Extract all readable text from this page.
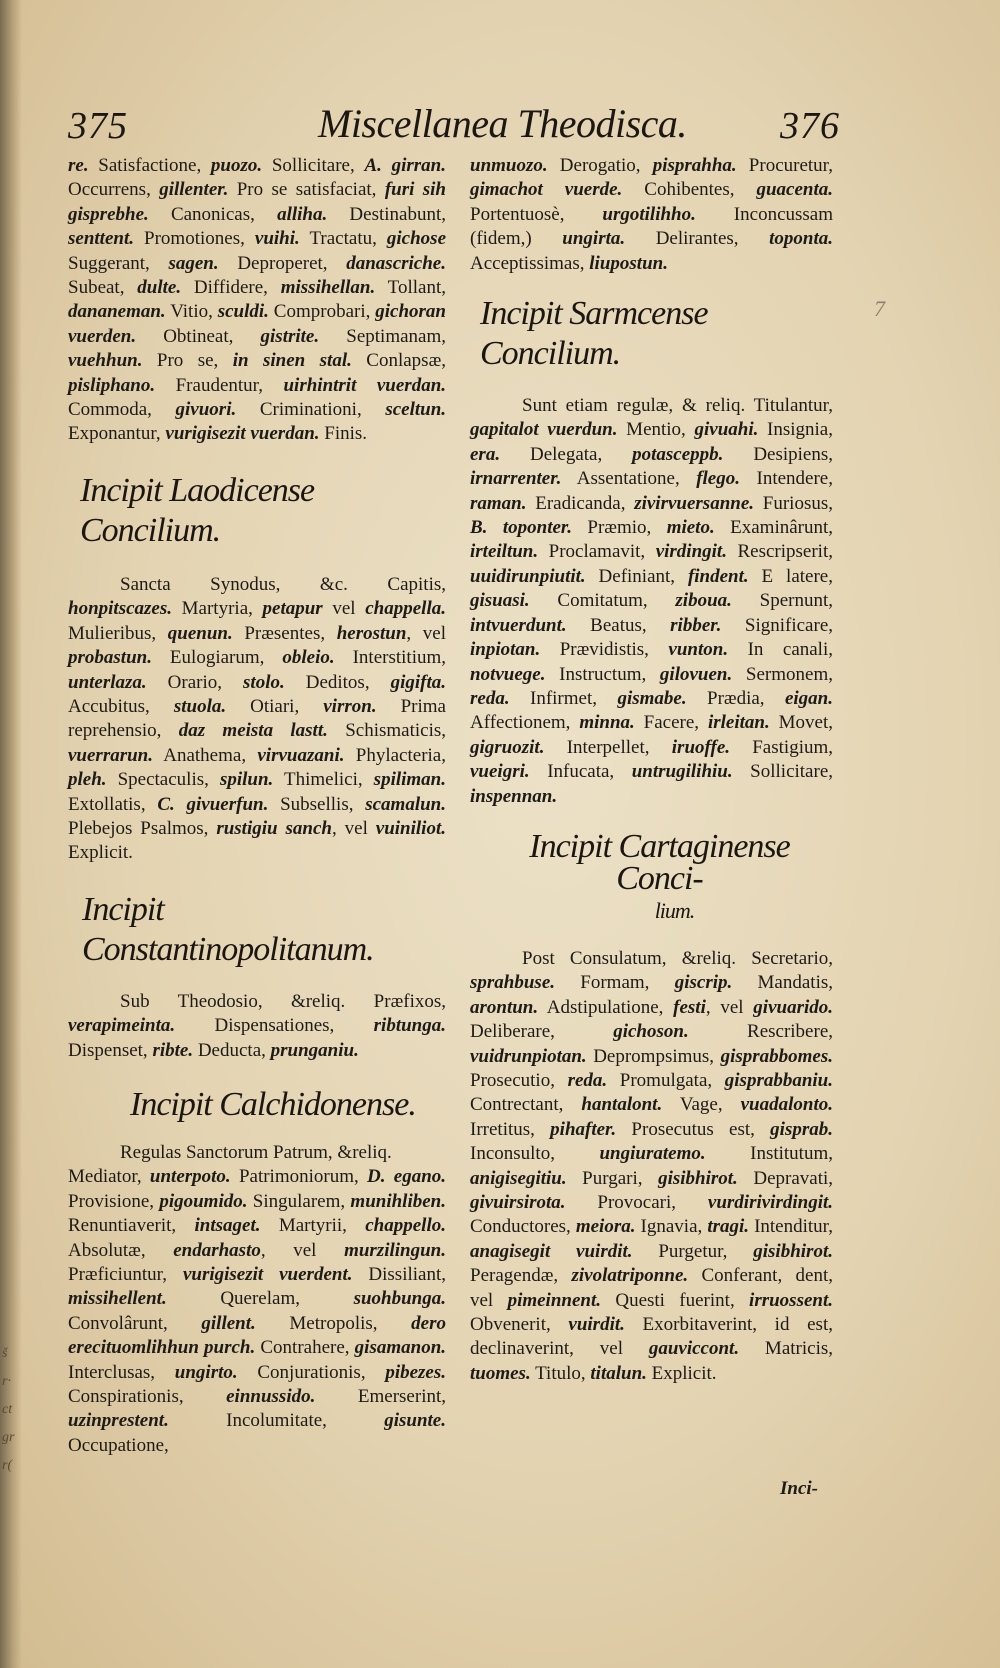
š
r·
ct
gr
r(
375	Miscellanea Theodisca. 376

re. Satisfactione, puozo. Sollicitare, A. girran. Occurrens, gillenter. Pro se satisfaciat, furi sih gisprebhe. Canonicas, alliha. Destinabunt, senttent. Promotiones, vuihi. Tractatu, gichose Suggerant, sagen. Deproperet, danascriche. Subeat, dulte. Diffidere, missihellan. Tollant, dananeman. Vitio, sculdi. Comprobari, gichoran vuerden. Obtineat, gistrite. Septimanam, vuehhun. Pro se, in sinen stal. Conlapsæ, pisliphano. Fraudentur, uirhintrit vuerdan. Commoda, givuori. Criminationi, sceltun. Exponantur, vurigisezit vuerdan. Finis.

Incipit Laodicense Concilium.

Sancta Synodus, &c. Capitis, honpitscazes. Martyria, petapur vel chappella. Mulieribus, quenun. Præsentes, herostun, vel probastun. Eulogiarum, obleio. Interstitium, unterlaza. Orario, stolo. Deditos, gigifta. Accubitus, stuola. Otiari, virron. Prima reprehensio, daz meista lastt. Schismaticis, vuerrarun. Anathema, virvuazani. Phylacteria, pleh. Spectaculis, spilun. Thimelici, spiliman. Extollatis, C. givuerfun. Subsellis, scamalun. Plebejos Psalmos, rustigiu sanch, vel vuiniliot. Explicit.

Incipit Constantinopolitanum.

Sub Theodosio, &reliq. Præfixos, verapimeinta. Dispensationes, ribtunga. Dispenset, ribte. Deducta, prunganiu.

Incipit Calchidonense.

Regulas Sanctorum Patrum, &reliq.

Mediator, unterpoto. Patrimoniorum, D. egano. Provisione, pigoumido. Singularem, munihliben. Renuntiaverit, intsaget. Martyrii, chappello. Absolutæ, endarhasto, vel murzilingun. Præficiuntur, vurigisezit vuerdent. Dissiliant, missihellent. Querelam, suohbunga. Convolârunt, gillent. Metropolis, dero erecituomlihhun purch. Contrahere, gisamanon. Interclusas, ungirto. Conjurationis, pibezes. Conspirationis, einnussido. Emerserint, uzinprestent. Incolumitate, gisunte. Occupatione,

unmuozo. Derogatio, pisprahha. Procuretur, gimachot vuerde. Cohibentes, guacenta. Portentuosè, urgotilihho. Inconcussam (fidem,) ungirta. Delirantes, toponta. Acceptissimas, liupostun.

Incipit Sarmcense Concilium.

Sunt etiam regulæ, & reliq. Titulantur, gapitalot vuerdun. Mentio, givuahi. Insignia, era. Delegata, potasceppb. Desipiens, irnarrenter. Assentatione, flego. Intendere, raman. Eradicanda, zivirvuersanne. Furiosus, B. toponter. Præmio, mieto. Examinârunt, irteiltun. Proclamavit, virdingit. Rescripserit, uuidirunpiutit. Definiant, findent. E latere, gisuasi. Comitatum, ziboua. Spernunt, intvuerdunt. Beatus, ribber. Significare, inpiotan. Prævidistis, vunton. In canali, notvuege. Instructum, gilovuen. Sermonem, reda. Infirmet, gismabe. Prædia, eigan. Affectionem, minna. Facere, irleitan. Movet, gigruozit. Interpellet, iruoffe. Fastigium, vueigri. Infucata, untrugilihiu. Sollicitare, inspennan.

Incipit Cartaginense Conci-
lium.

Post Consulatum, &reliq. Secretario, sprahbuse. Formam, giscrip. Mandatis, arontun. Adstipulatione, festi, vel givuarido. Deliberare, gichoson. Rescribere, vuidrunpiotan. Deprompsimus, gisprabbomes. Prosecutio, reda. Promulgata, gisprabbaniu. Contrectant, hantalont. Vage, vuadalonto. Irretitus, pihafter. Prosecutus est, gisprab. Inconsulto, ungiuratemo. Institutum, anigisegitiu. Purgari, gisibhirot. Depravati, givuirsirota. Provocari, vurdirivirdingit. Conductores, meiora. Ignavia, tragi. Intenditur, anagisegit vuirdit. Purgetur, gisibhirot. Peragendæ, zivolatriponne. Conferant, dent, vel pimeinnent. Questi fuerint, irruossent. Obvenerit, vuirdit. Exorbitaverint, id est, declinaverint, vel gauviccont. Matricis, tuomes. Titulo, titalun. Explicit.

7
Inci-
